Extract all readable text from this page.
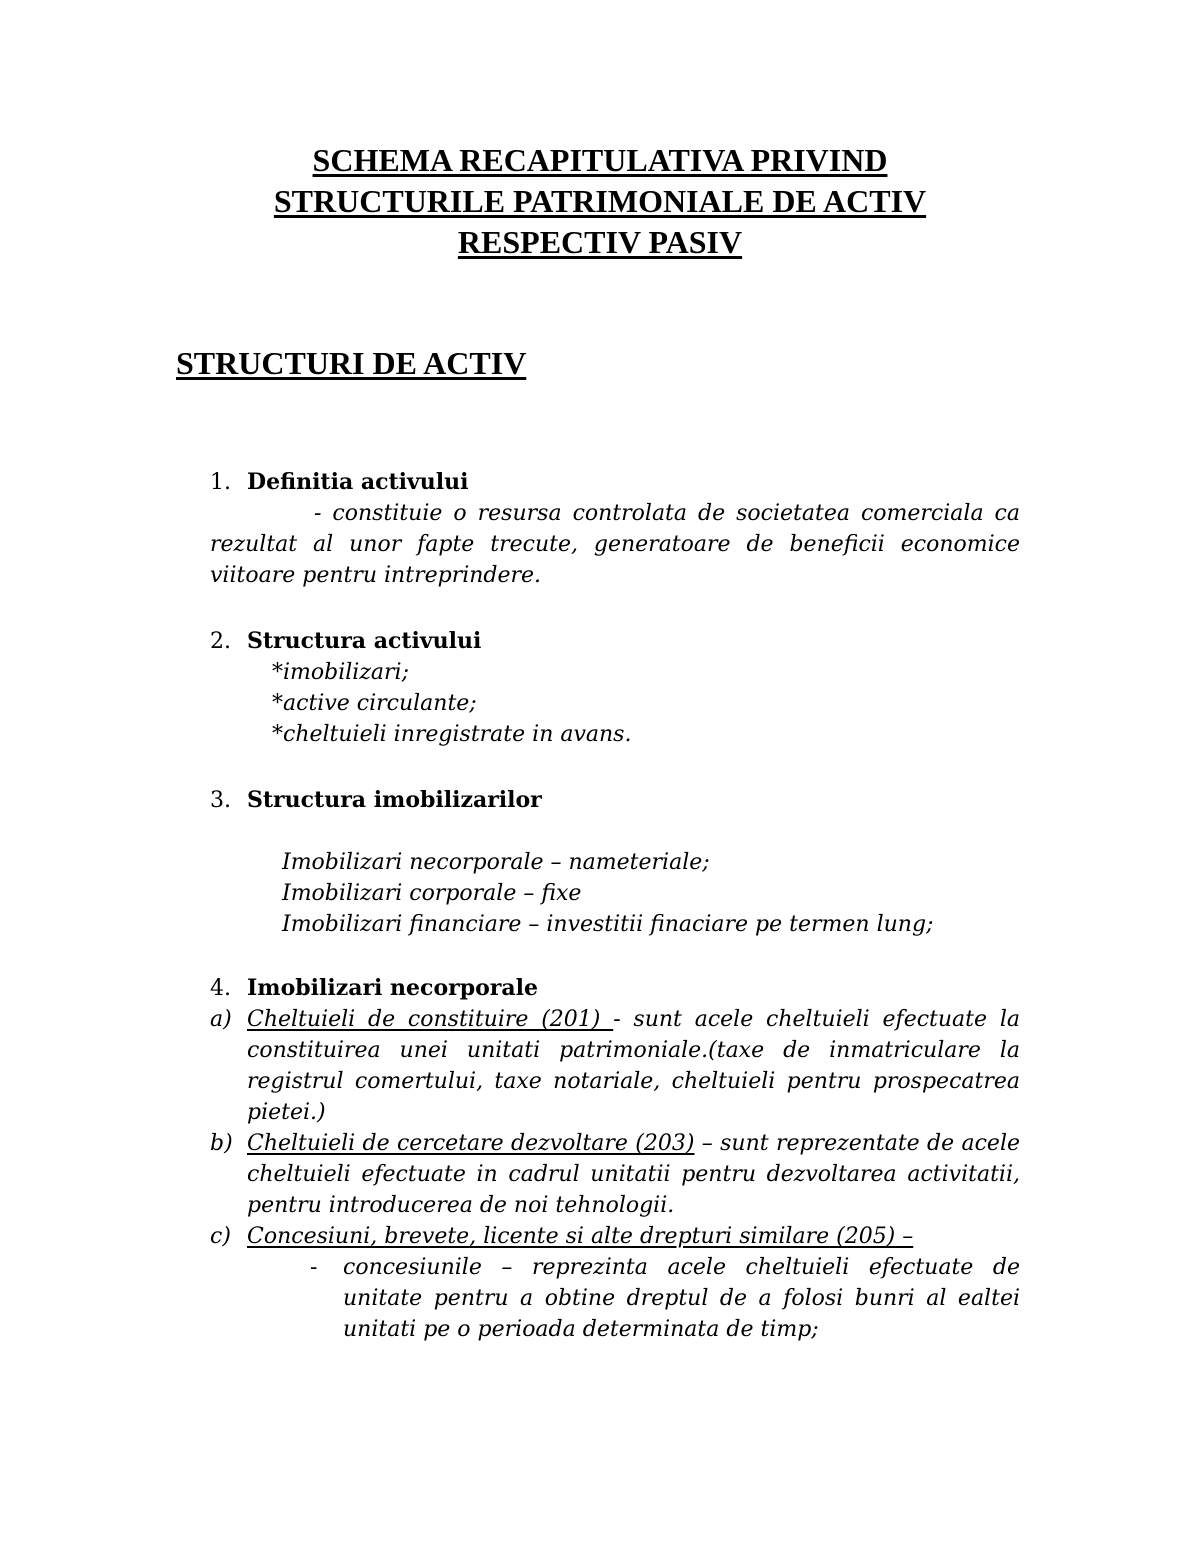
SCHEMA RECAPITULATIVA PRIVIND
STRUCTURILE PATRIMONIALE DE ACTIV
RESPECTIV PASIV
STRUCTURI DE ACTIV
1. Definitia activului

- constituie o resursa controlata de societatea comerciala ca rezultat al unor fapte trecute, generatoare de beneficii economice viitoare pentru intreprindere.

2. Structura activului
*imobilizari;
*active circulante;
*cheltuieli inregistrate in avans.
3. Structura imobilizarilor
Imobilizari necorporale – nameteriale;
Imobilizari corporale – fixe
Imobilizari financiare – investitii finaciare pe termen lung;
4. Imobilizari necorporale
a) Cheltuieli de constituire (201) - sunt acele cheltuieli efectuate la constituirea unei unitati patrimoniale.(taxe de inmatriculare la registrul comertului, taxe notariale, cheltuieli pentru prospecatrea pietei.)
b) Cheltuieli de cercetare dezvoltare (203) – sunt reprezentate de acele cheltuieli efectuate in cadrul unitatii pentru dezvoltarea activitatii, pentru introducerea de noi tehnologii.
c) Concesiuni, brevete, licente si alte drepturi similare (205) –
-	concesiunile – reprezinta acele cheltuieli efectuate de unitate pentru a obtine dreptul de a folosi bunri al ealtei unitati pe o perioada determinata de timp;
